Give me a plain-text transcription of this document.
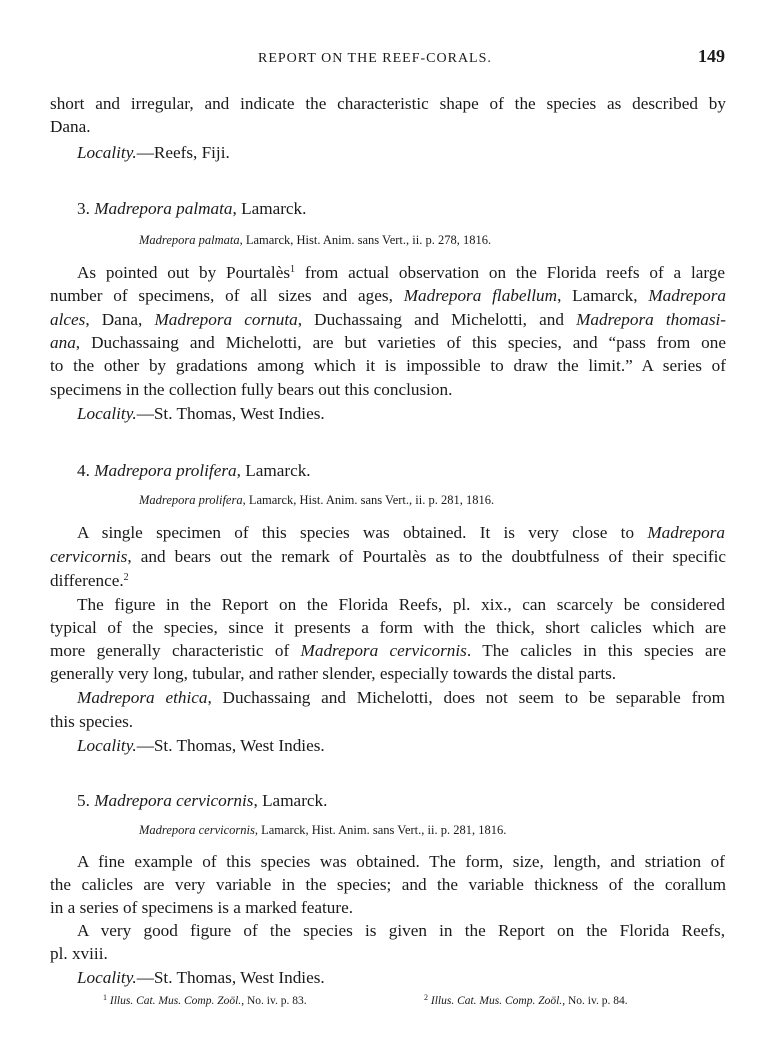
REPORT ON THE REEF-CORALS.	149
short and irregular, and indicate the characteristic shape of the species as described by
Dana.
Locality.—Reefs, Fiji.
3. Madrepora palmata, Lamarck.
Madrepora palmata, Lamarck, Hist. Anim. sans Vert., ii. p. 278, 1816.
As pointed out by Pourtalès$^1$ from actual observation on the Florida reefs of a large
number of specimens, of all sizes and ages, Madrepora flabellum, Lamarck, Madrepora
alces, Dana, Madrepora cornuta, Duchassaing and Michelotti, and Madrepora thomasi-
ana, Duchassaing and Michelotti, are but varieties of this species, and “pass from one
to the other by gradations among which it is impossible to draw the limit.” A series of
specimens in the collection fully bears out this conclusion.
Locality.—St. Thomas, West Indies.
4. Madrepora prolifera, Lamarck.
Madrepora prolifera, Lamarck, Hist. Anim. sans Vert., ii. p. 281, 1816.
A single specimen of this species was obtained. It is very close to Madrepora
cervicornis, and bears out the remark of Pourtalès as to the doubtfulness of their specific
difference.$^2$
The figure in the Report on the Florida Reefs, pl. xix., can scarcely be considered
typical of the species, since it presents a form with the thick, short calicles which are
more generally characteristic of Madrepora cervicornis. The calicles in this species are
generally very long, tubular, and rather slender, especially towards the distal parts.
Madrepora ethica, Duchassaing and Michelotti, does not seem to be separable from
this species.
Locality.—St. Thomas, West Indies.
5. Madrepora cervicornis, Lamarck.
Madrepora cervicornis, Lamarck, Hist. Anim. sans Vert., ii. p. 281, 1816.
A fine example of this species was obtained. The form, size, length, and striation of
the calicles are very variable in the species; and the variable thickness of the corallum
in a series of specimens is a marked feature.
A very good figure of the species is given in the Report on the Florida Reefs,
pl. xviii.
Locality.—St. Thomas, West Indies.
$^1$ Illus. Cat. Mus. Comp. Zoöl., No. iv. p. 83.	$^2$ Illus. Cat. Mus. Comp. Zoöl., No. iv. p. 84.
